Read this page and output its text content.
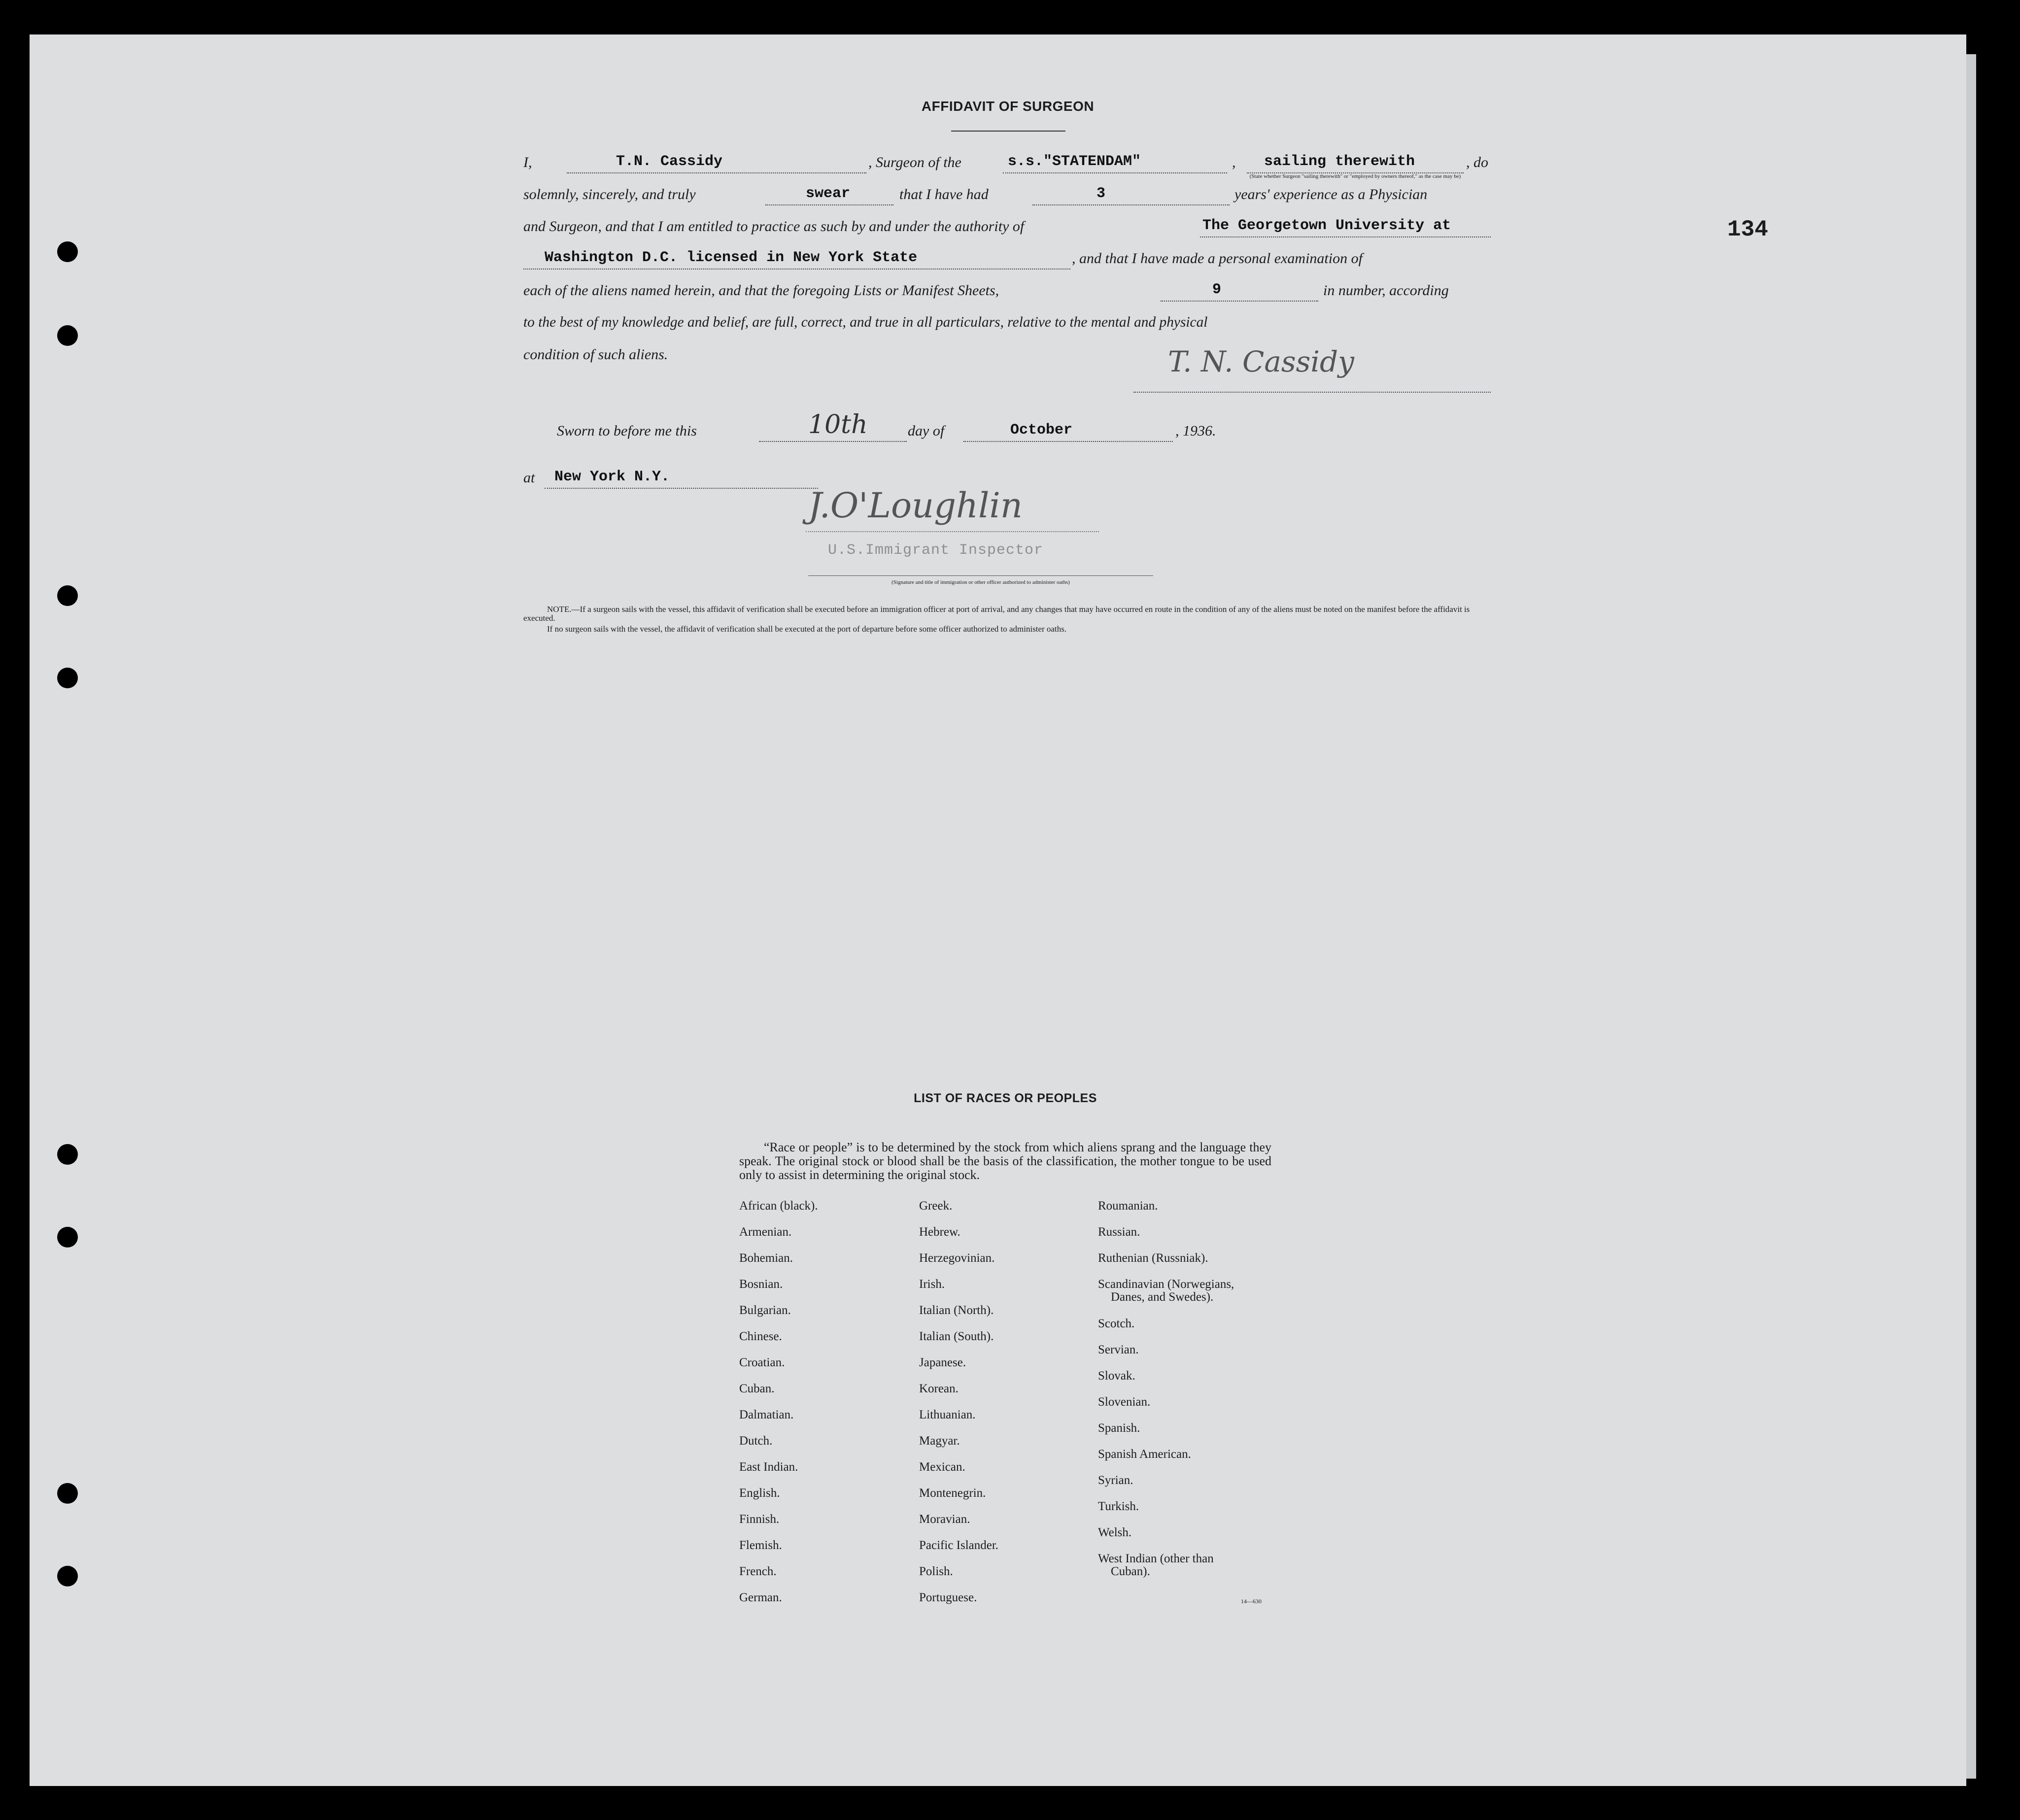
134
AFFIDAVIT OF SURGEON
I,	T.N. Cassidy	, Surgeon of the	s.s."STATENDAM"	, sailing therewith	, do
(State whether Surgeon "sailing therewith" or "employed by owners thereof," as the case may be)
solemnly, sincerely, and truly	swear	that I have had	3	years' experience as a Physician
and Surgeon, and that I am entitled to practice as such by and under the authority of	The Georgetown University at
Washington D.C. licensed in New York State	, and that I have made a personal examination of
each of the aliens named herein, and that the foregoing Lists or Manifest Sheets,	9	in number, according
to the best of my knowledge and belief, are full, correct, and true in all particulars, relative to the mental and physical
condition of such aliens.	T. N. Cassidy
Sworn to before me this	10th	day of	October	, 1936.
at New York N.Y.
J.O'Loughlin
U.S.Immigrant Inspector
(Signature and title of immigration or other officer authorized to administer oaths)
NOTE.—If a surgeon sails with the vessel, this affidavit of verification shall be executed before an immigration officer at port of arrival, and any changes that may have occurred en route in the condition of any of the aliens must be noted on the manifest before the affidavit is executed.
If no surgeon sails with the vessel, the affidavit of verification shall be executed at the port of departure before some officer authorized to administer oaths.
LIST OF RACES OR PEOPLES
“Race or people” is to be determined by the stock from which aliens sprang and the language they speak. The original stock or blood shall be the basis of the classification, the mother tongue to be used only to assist in determining the original stock.
African (black).
Armenian.
Bohemian.
Bosnian.
Bulgarian.
Chinese.
Croatian.
Cuban.
Dalmatian.
Dutch.
East Indian.
English.
Finnish.
Flemish.
French.
German.
Greek.
Hebrew.
Herzegovinian.
Irish.
Italian (North).
Italian (South).
Japanese.
Korean.
Lithuanian.
Magyar.
Mexican.
Montenegrin.
Moravian.
Pacific Islander.
Polish.
Portuguese.
Roumanian.
Russian.
Ruthenian (Russniak).
Scandinavian (Norwegians,
Danes, and Swedes).
Scotch.
Servian.
Slovak.
Slovenian.
Spanish.
Spanish American.
Syrian.
Turkish.
Welsh.
West Indian (other than
Cuban).
14—630
